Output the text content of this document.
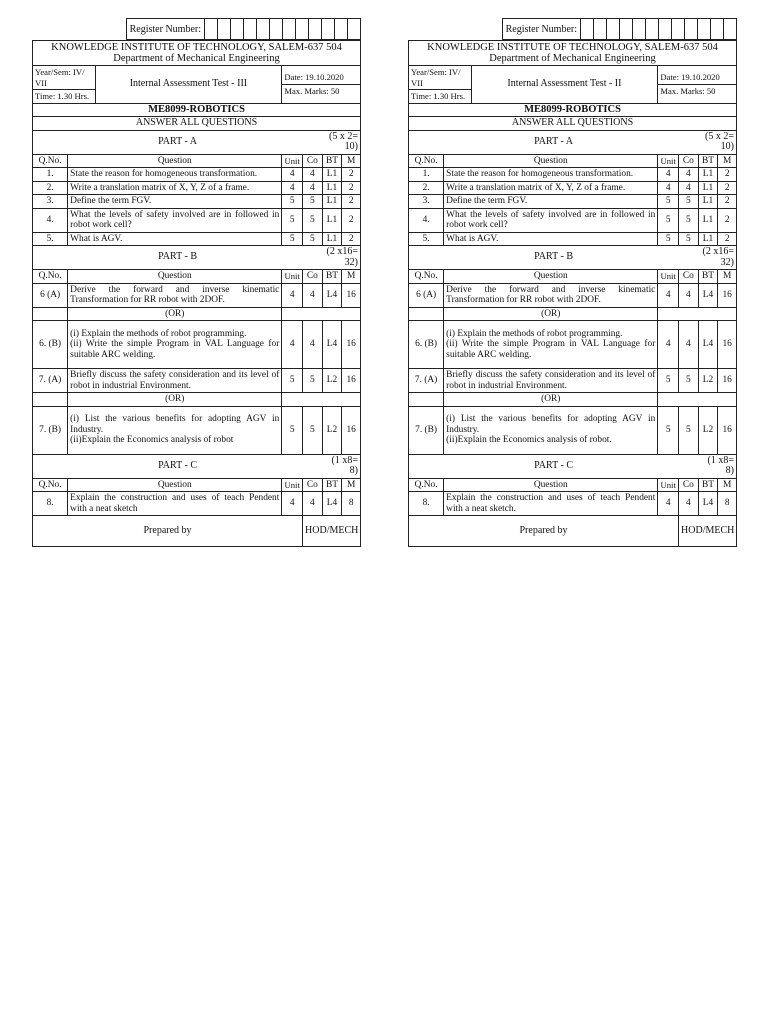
Register Number:												
KNOWLEDGE INSTITUTE OF TECHNOLOGY, SALEM-637 504
Department of Mechanical Engineering

Year/Sem: IV/ VII	Internal Assessment Test - III
Time: 1.30 Hrs.

Date: 19.10.2020
Max. Marks: 50

ME8099-ROBOTICS
ANSWER ALL QUESTIONS
PART - A	(5 x 2= 10)
Q.No.	Question	Unit	Co	BT	M
1.	State the reason for homogeneous transformation.	4	4	L1	2
2.	Write a translation matrix of X, Y, Z of a frame.	4	4	L1	2
3.	Define the term FGV.	5	5	L1	2
4.	What the levels of safety involved are in followed in robot work cell?	5	5	L1	2
5.	What is AGV.	5	5	L1	2
PART - B	(2 x16= 32)
Q.No.	Question	Unit	Co	BT	M
6 (A)	Derive the forward and inverse kinematic Transformation for RR robot with 2DOF.	4	4	L4	16
	(OR)	
6. (B)	(i) Explain the methods of robot programming.
(ii) Write the simple Program in VAL Language for suitable ARC welding.	4	4	L4	16
7. (A)	Briefly discuss the safety consideration and its level of robot in industrial Environment.	5	5	L2	16
	(OR)	
7. (B)	(i) List the various benefits for adopting AGV in Industry.
(ii)Explain the Economics analysis of robot	5	5	L2	16
PART - C	(1 x8= 8)
Q.No.	Question	Unit	Co	BT	M
8.	Explain the construction and uses of teach Pendent with a neat sketch	4	4	L4	8
Prepared by	HOD/MECH
Register Number:												
KNOWLEDGE INSTITUTE OF TECHNOLOGY, SALEM-637 504
Department of Mechanical Engineering

Year/Sem: IV/ VII	Internal Assessment Test - II
Time: 1.30 Hrs.

Date: 19.10.2020
Max. Marks: 50

ME8099-ROBOTICS
ANSWER ALL QUESTIONS
PART - A	(5 x 2= 10)
Q.No.	Question	Unit	Co	BT	M
1.	State the reason for homogeneous transformation.	4	4	L1	2
2.	Write a translation matrix of X, Y, Z of a frame.	4	4	L1	2
3.	Define the term FGV.	5	5	L1	2
4.	What the levels of safety involved are in followed in robot work cell?	5	5	L1	2
5.	What is AGV.	5	5	L1	2
PART - B	(2 x16= 32)
Q.No.	Question	Unit	Co	BT	M
6 (A)	Derive the forward and inverse kinematic Transformation for RR robot with 2DOF.	4	4	L4	16
	(OR)	
6. (B)	(i) Explain the methods of robot programming.
(ii) Write the simple Program in VAL Language for suitable ARC welding.	4	4	L4	16
7. (A)	Briefly discuss the safety consideration and its level of robot in industrial Environment.	5	5	L2	16
	(OR)	
7. (B)	(i) List the various benefits for adopting AGV in Industry.
(ii)Explain the Economics analysis of robot.	5	5	L2	16
PART - C	(1 x8= 8)
Q.No.	Question	Unit	Co	BT	M
8.	Explain the construction and uses of teach Pendent with a neat sketch.	4	4	L4	8
Prepared by	HOD/MECH
